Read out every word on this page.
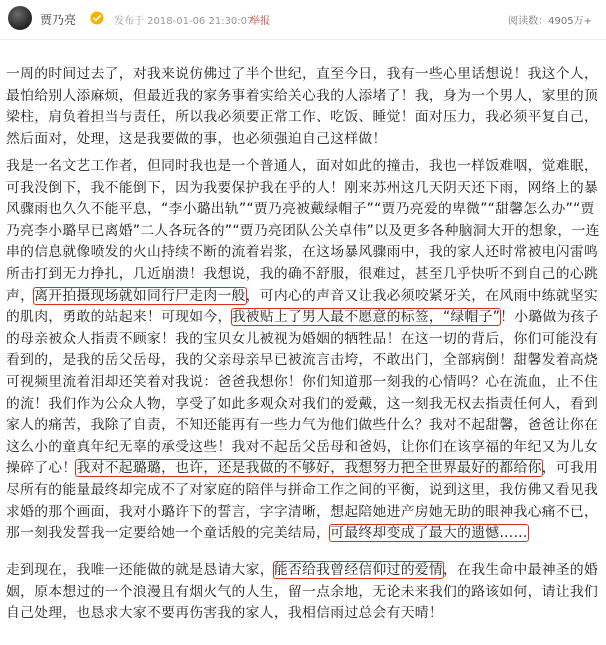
贾乃亮	发布于 2018-01-06 21:30:07
举报	阅读数：4905万+

一周的时间过去了，对我来说仿佛过了半个世纪，直至今日，我有一些心里话想说！我这个人，最怕给别人添麻烦，但最近我的家务事着实给关心我的人添堵了！我，身为一个男人，家里的顶梁柱，肩负着担当与责任，所以我必须要正常工作、吃饭、睡觉！面对压力，我必须平复自己，然后面对，处理，这是我要做的事，也必须强迫自己这样做！

我是一名文艺工作者，但同时我也是一个普通人，面对如此的撞击，我也一样饭难咽，觉难眠，可我没倒下，我不能倒下，因为我要保护我在乎的人！刚来苏州这几天阴天还下雨，网络上的暴风骤雨也久久不能平息，“李小璐出轨”“贾乃亮被戴绿帽子”“贾乃亮爱的卑微”“甜馨怎么办”“贾乃亮李小璐早已离婚”二人各玩各的”“贾乃亮团队公关卓伟”以及更多各种脑洞大开的想象，一连串的信息就像喷发的火山持续不断的流着岩浆，在这场暴风骤雨中，我的家人还时常被电闪雷鸣所击打到无力挣扎，几近崩溃！我想说，我的确不舒服，很难过，甚至几乎快听不到自己的心跳声，离开拍摄现场就如同行尸走肉一般，可内心的声音又让我必须咬紧牙关，在风雨中练就坚实的肌肉，勇敢的站起来！可现如今，我被贴上了男人最不愿意的标签，“绿帽子”！小璐做为孩子的母亲被众人指责不顾家！我的宝贝女儿被视为婚姻的牺牲品！在这一切的背后，你们可能没有看到的，是我的岳父岳母，我的父亲母亲早已被流言击垮，不敢出门，全部病倒！甜馨发着高烧可视频里流着泪却还笑着对我说：爸爸我想你！你们知道那一刻我的心情吗？心在流血，止不住的流！我们作为公众人物，享受了如此多观众对我们的爱戴，这一刻我无权去指责任何人，看到家人的痛苦，我除了自责，不知还能再有一些力气为他们做些什么？我对不起甜馨，爸爸让你在这么小的童真年纪无辜的承受这些！我对不起岳父岳母和爸妈，让你们在该享福的年纪又为儿女操碎了心！我对不起璐璐，也许，还是我做的不够好，我想努力把全世界最好的都给你，可我用尽所有的能量最终却完成不了对家庭的陪伴与拼命工作之间的平衡，说到这里，我仿佛又看见我求婚的那个画面，我对小璐许下的誓言，字字清晰，想起陪她进产房她无助的眼神我心痛不已，那一刻我发誓我一定要给她一个童话般的完美结局，可最终却变成了最大的遗憾……

走到现在，我唯一还能做的就是恳请大家，能否给我曾经信仰过的爱情，在我生命中最神圣的婚姻，原本想过的一个浪漫且有烟火气的人生，留一点余地，无论未来我们的路该如何，请让我们自己处理，也恳求大家不要再伤害我的家人，我相信雨过总会有天晴！
